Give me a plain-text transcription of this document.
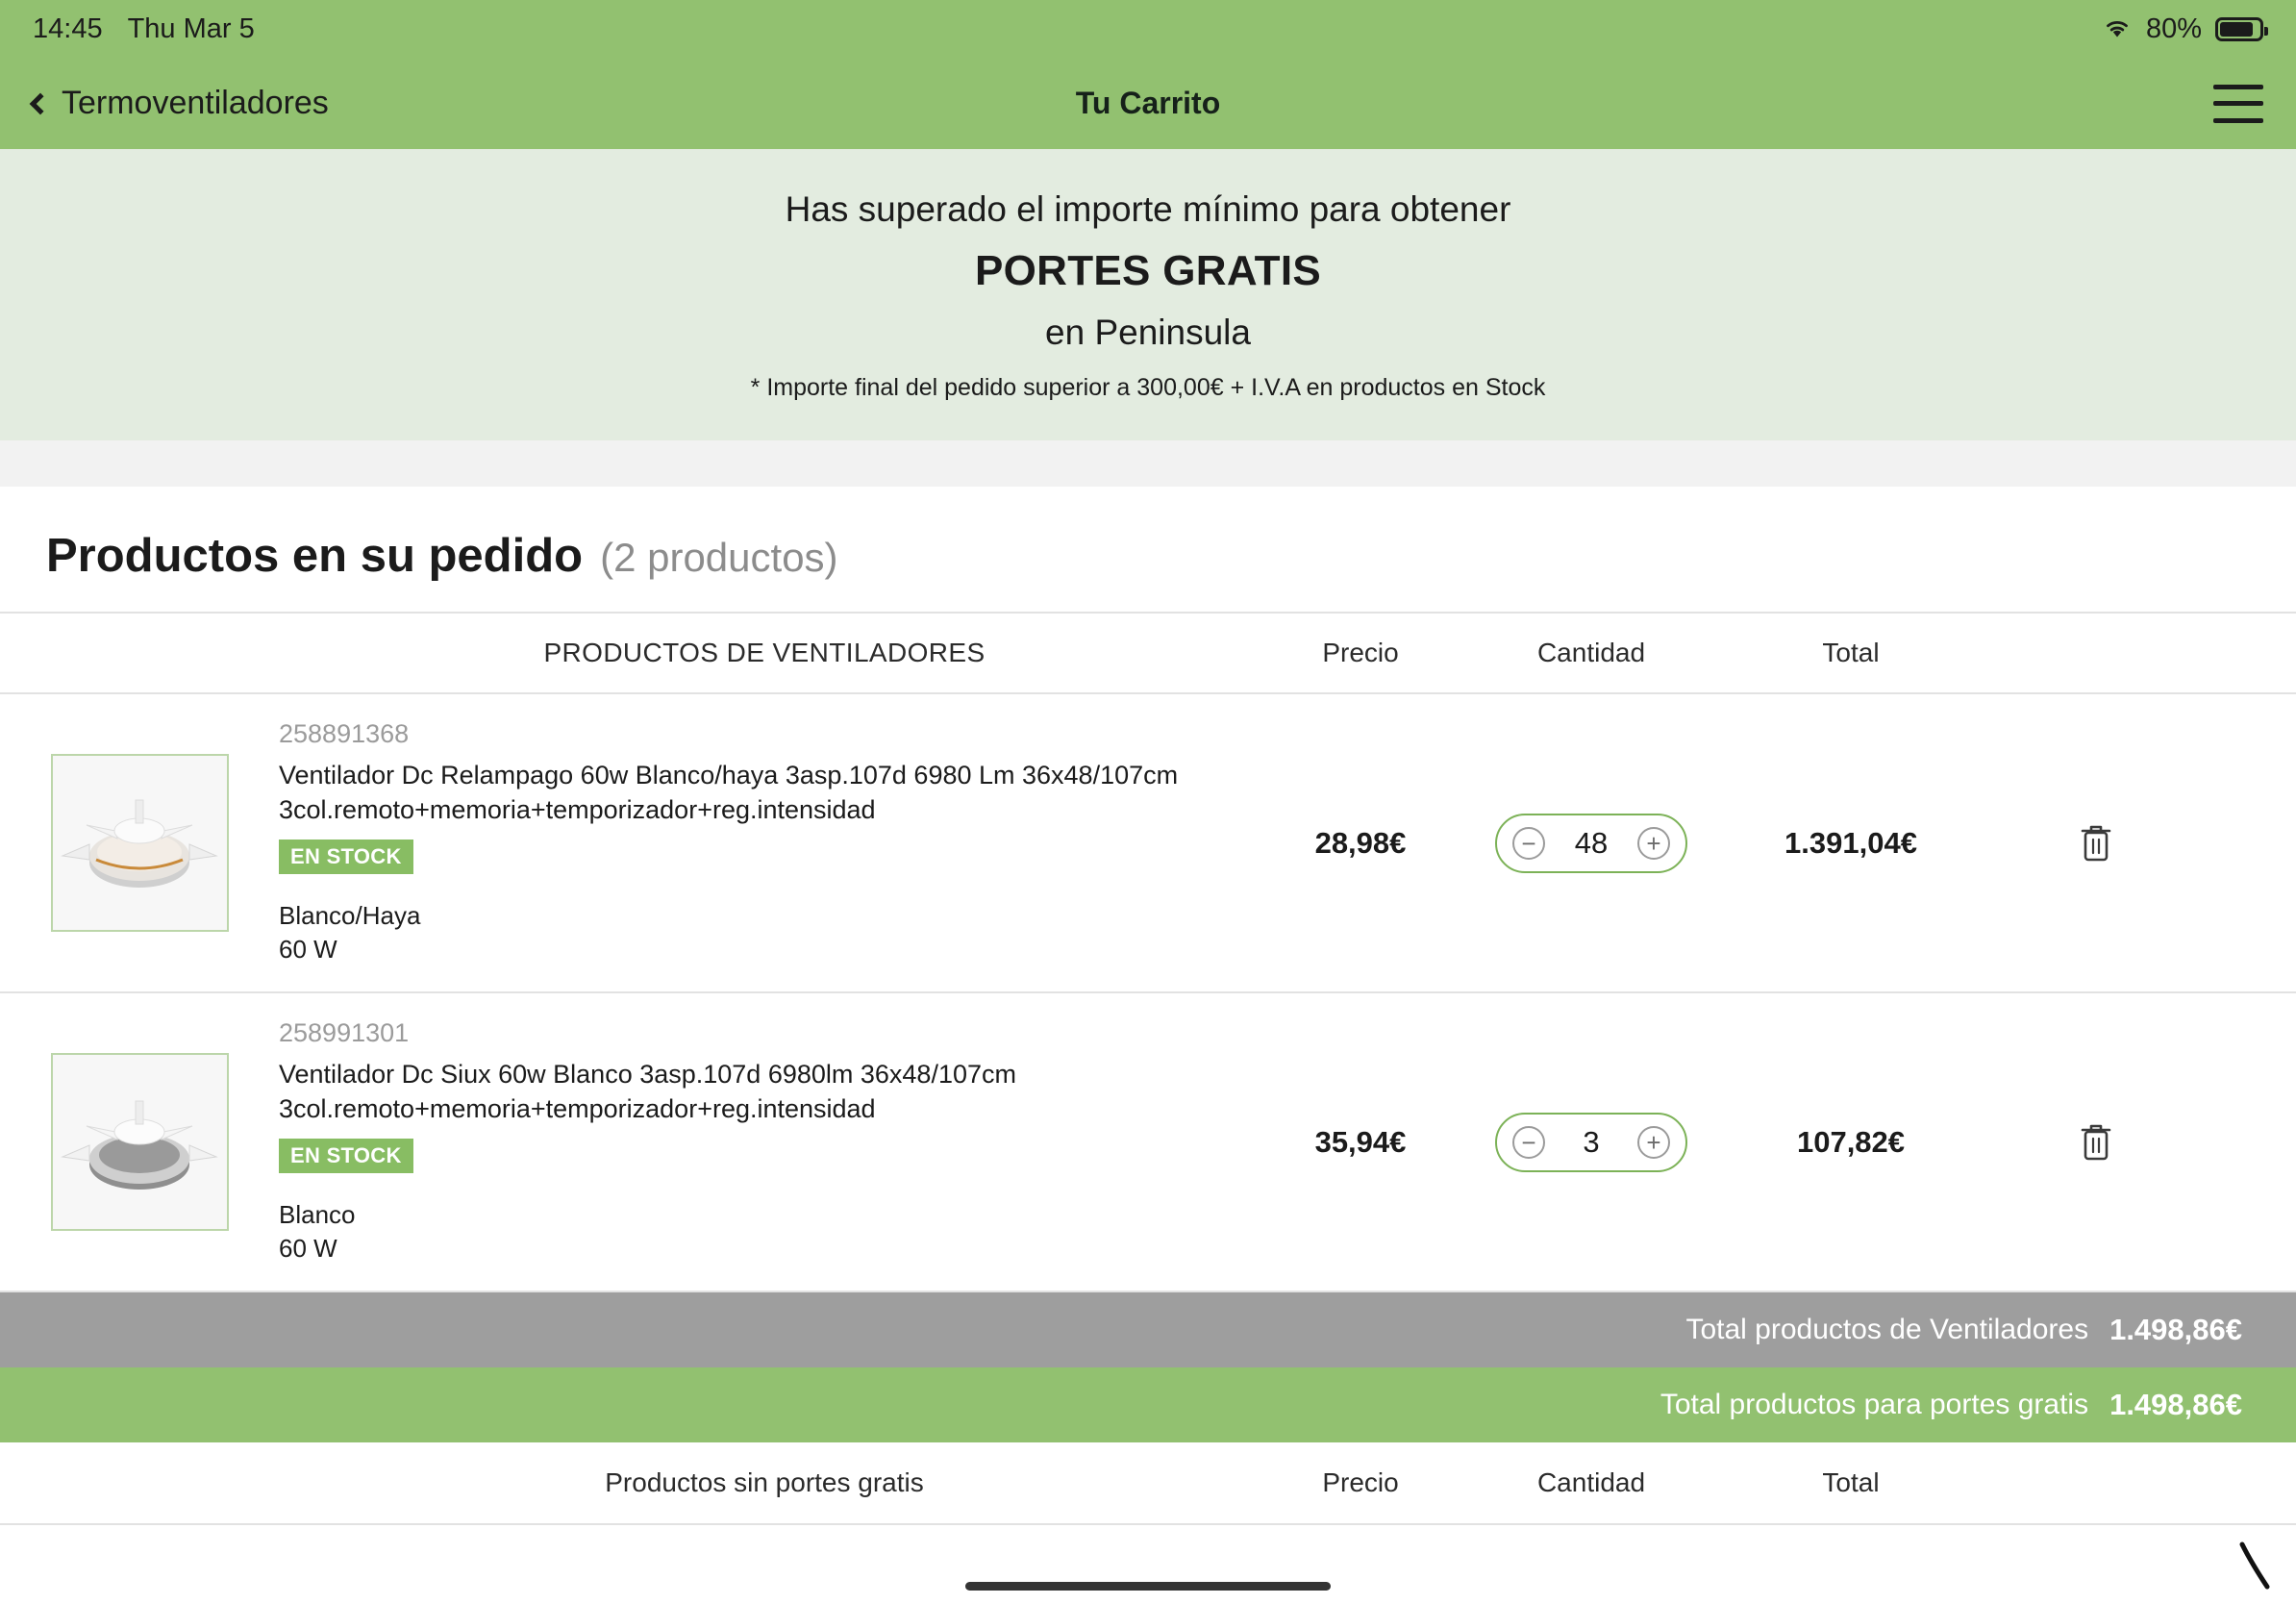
14:45 Thu Mar 5	80%
Termoventiladores	Tu Carrito
Has superado el importe mínimo para obtener
PORTES GRATIS
en Peninsula
* Importe final del pedido superior a 300,00€ + I.V.A en productos en Stock
Productos en su pedido (2 productos)
PRODUCTOS DE VENTILADORES	Precio	Cantidad	Total
258891368
Ventilador Dc Relampago 60w Blanco/haya 3asp.107d 6980 Lm 36x48/107cm 3col.remoto+memoria+temporizador+reg.intensidad
EN STOCK
Blanco/Haya
60 W
28,98€	−	48	+	1.391,04€
258991301
Ventilador Dc Siux 60w Blanco 3asp.107d 6980lm 36x48/107cm 3col.remoto+memoria+temporizador+reg.intensidad
EN STOCK
Blanco
60 W
35,94€	−	3	+	107,82€
Total productos de Ventiladores 1.498,86€
Total productos para portes gratis 1.498,86€
Productos sin portes gratis	Precio	Cantidad	Total
